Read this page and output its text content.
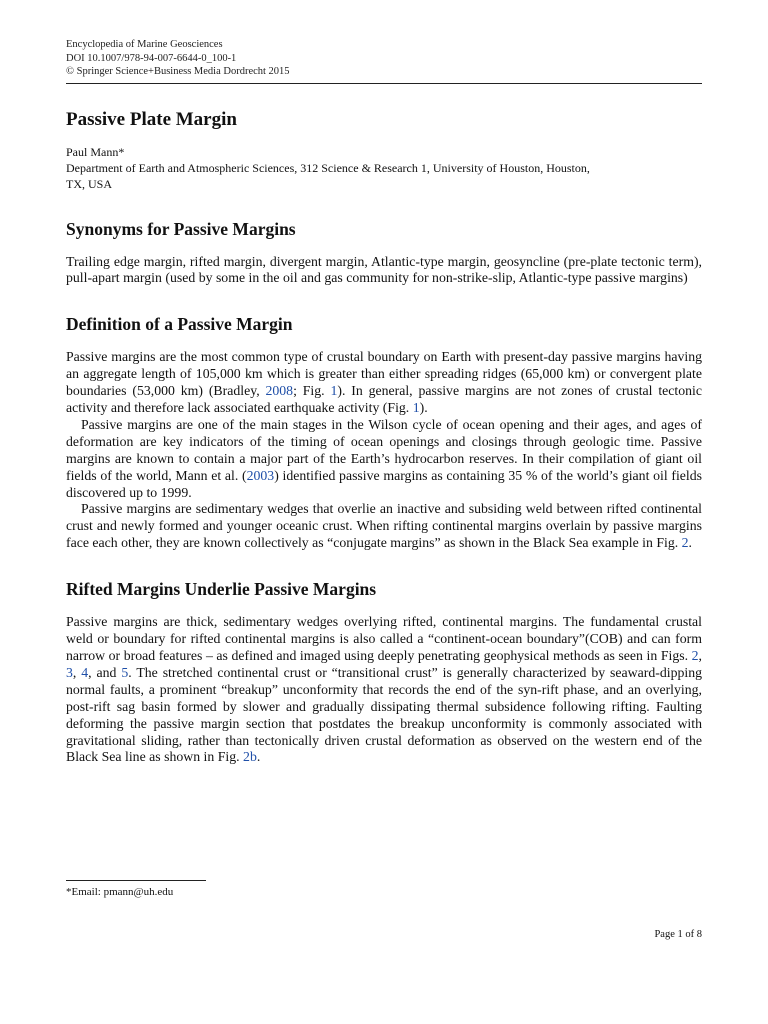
Encyclopedia of Marine Geosciences
DOI 10.1007/978-94-007-6644-0_100-1
© Springer Science+Business Media Dordrecht 2015
Passive Plate Margin
Paul Mann*
Department of Earth and Atmospheric Sciences, 312 Science & Research 1, University of Houston, Houston,
TX, USA
Synonyms for Passive Margins

Trailing edge margin, rifted margin, divergent margin, Atlantic-type margin, geosyncline (pre-plate tectonic term), pull-apart margin (used by some in the oil and gas community for non-strike-slip, Atlantic-type passive margins)

Definition of a Passive Margin

Passive margins are the most common type of crustal boundary on Earth with present-day passive margins having an aggregate length of 105,000 km which is greater than either spreading ridges (65,000 km) or convergent plate boundaries (53,000 km) (Bradley, 2008; Fig. 1). In general, passive margins are not zones of crustal tectonic activity and therefore lack associated earthquake activity (Fig. 1).

Passive margins are one of the main stages in the Wilson cycle of ocean opening and their ages, and ages of deformation are key indicators of the timing of ocean openings and closings through geologic time. Passive margins are known to contain a major part of the Earth’s hydrocarbon reserves. In their compilation of giant oil fields of the world, Mann et al. (2003) identified passive margins as containing 35 % of the world’s giant oil fields discovered up to 1999.

Passive margins are sedimentary wedges that overlie an inactive and subsiding weld between rifted continental crust and newly formed and younger oceanic crust. When rifting continental margins overlain by passive margins face each other, they are known collectively as “conjugate margins” as shown in the Black Sea example in Fig. 2.

Rifted Margins Underlie Passive Margins

Passive margins are thick, sedimentary wedges overlying rifted, continental margins. The fundamental crustal weld or boundary for rifted continental margins is also called a “continent-ocean boundary”(COB) and can form narrow or broad features – as defined and imaged using deeply penetrating geophysical methods as seen in Figs. 2, 3, 4, and 5. The stretched continental crust or “transitional crust” is generally characterized by seaward-dipping normal faults, a prominent “breakup” unconformity that records the end of the syn-rift phase, and an overlying, post-rift sag basin formed by slower and gradually dissipating thermal subsidence following rifting. Faulting deforming the passive margin section that postdates the breakup unconformity is commonly associated with gravitational sliding, rather than tectonically driven crustal deformation as observed on the western end of the Black Sea line as shown in Fig. 2b.

*Email: pmann@uh.edu
Page 1 of 8
